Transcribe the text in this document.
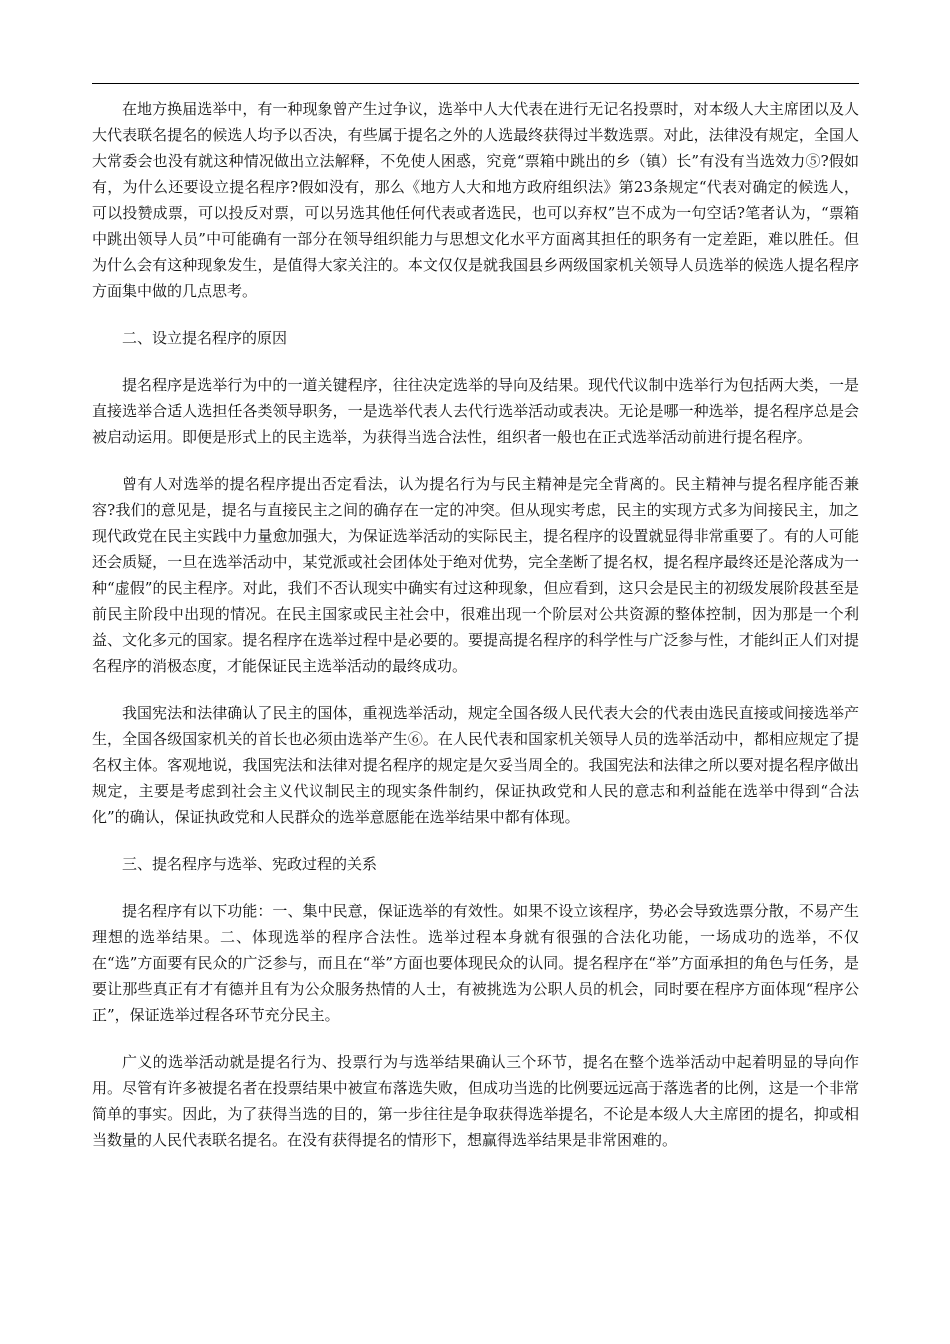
在地方换届选举中，有一种现象曾产生过争议，选举中人大代表在进行无记名投票时，对本级人大主席团以及人大代表联名提名的候选人均予以否决，有些属于提名之外的人选最终获得过半数选票。对此，法律没有规定，全国人大常委会也没有就这种情况做出立法解释，不免使人困惑，究竟“票箱中跳出的乡（镇）长”有没有当选效力⑤?假如有，为什么还要设立提名程序?假如没有，那么《地方人大和地方政府组织法》第23条规定“代表对确定的候选人，可以投赞成票，可以投反对票，可以另选其他任何代表或者选民，也可以弃权”岂不成为一句空话?笔者认为，“票箱中跳出领导人员”中可能确有一部分在领导组织能力与思想文化水平方面离其担任的职务有一定差距，难以胜任。但为什么会有这种现象发生，是值得大家关注的。本文仅仅是就我国县乡两级国家机关领导人员选举的候选人提名程序方面集中做的几点思考。

二、设立提名程序的原因

提名程序是选举行为中的一道关键程序，往往决定选举的导向及结果。现代代议制中选举行为包括两大类，一是直接选举合适人选担任各类领导职务，一是选举代表人去代行选举活动或表决。无论是哪一种选举，提名程序总是会被启动运用。即便是形式上的民主选举，为获得当选合法性，组织者一般也在正式选举活动前进行提名程序。

曾有人对选举的提名程序提出否定看法，认为提名行为与民主精神是完全背离的。民主精神与提名程序能否兼容?我们的意见是，提名与直接民主之间的确存在一定的冲突。但从现实考虑，民主的实现方式多为间接民主，加之现代政党在民主实践中力量愈加强大，为保证选举活动的实际民主，提名程序的设置就显得非常重要了。有的人可能还会质疑，一旦在选举活动中，某党派或社会团体处于绝对优势，完全垄断了提名权，提名程序最终还是沦落成为一种“虚假”的民主程序。对此，我们不否认现实中确实有过这种现象，但应看到，这只会是民主的初级发展阶段甚至是前民主阶段中出现的情况。在民主国家或民主社会中，很难出现一个阶层对公共资源的整体控制，因为那是一个利益、文化多元的国家。提名程序在选举过程中是必要的。要提高提名程序的科学性与广泛参与性，才能纠正人们对提名程序的消极态度，才能保证民主选举活动的最终成功。

我国宪法和法律确认了民主的国体，重视选举活动，规定全国各级人民代表大会的代表由选民直接或间接选举产生，全国各级国家机关的首长也必须由选举产生⑥。在人民代表和国家机关领导人员的选举活动中，都相应规定了提名权主体。客观地说，我国宪法和法律对提名程序的规定是欠妥当周全的。我国宪法和法律之所以要对提名程序做出规定，主要是考虑到社会主义代议制民主的现实条件制约，保证执政党和人民的意志和利益能在选举中得到“合法化”的确认，保证执政党和人民群众的选举意愿能在选举结果中都有体现。

三、提名程序与选举、宪政过程的关系

提名程序有以下功能：一、集中民意，保证选举的有效性。如果不设立该程序，势必会导致选票分散，不易产生理想的选举结果。二、体现选举的程序合法性。选举过程本身就有很强的合法化功能，一场成功的选举，不仅在“选”方面要有民众的广泛参与，而且在“举”方面也要体现民众的认同。提名程序在“举”方面承担的角色与任务，是要让那些真正有才有德并且有为公众服务热情的人士，有被挑选为公职人员的机会，同时要在程序方面体现“程序公正”，保证选举过程各环节充分民主。

广义的选举活动就是提名行为、投票行为与选举结果确认三个环节，提名在整个选举活动中起着明显的导向作用。尽管有许多被提名者在投票结果中被宣布落选失败，但成功当选的比例要远远高于落选者的比例，这是一个非常简单的事实。因此，为了获得当选的目的，第一步往往是争取获得选举提名，不论是本级人大主席团的提名，抑或相当数量的人民代表联名提名。在没有获得提名的情形下，想赢得选举结果是非常困难的。
